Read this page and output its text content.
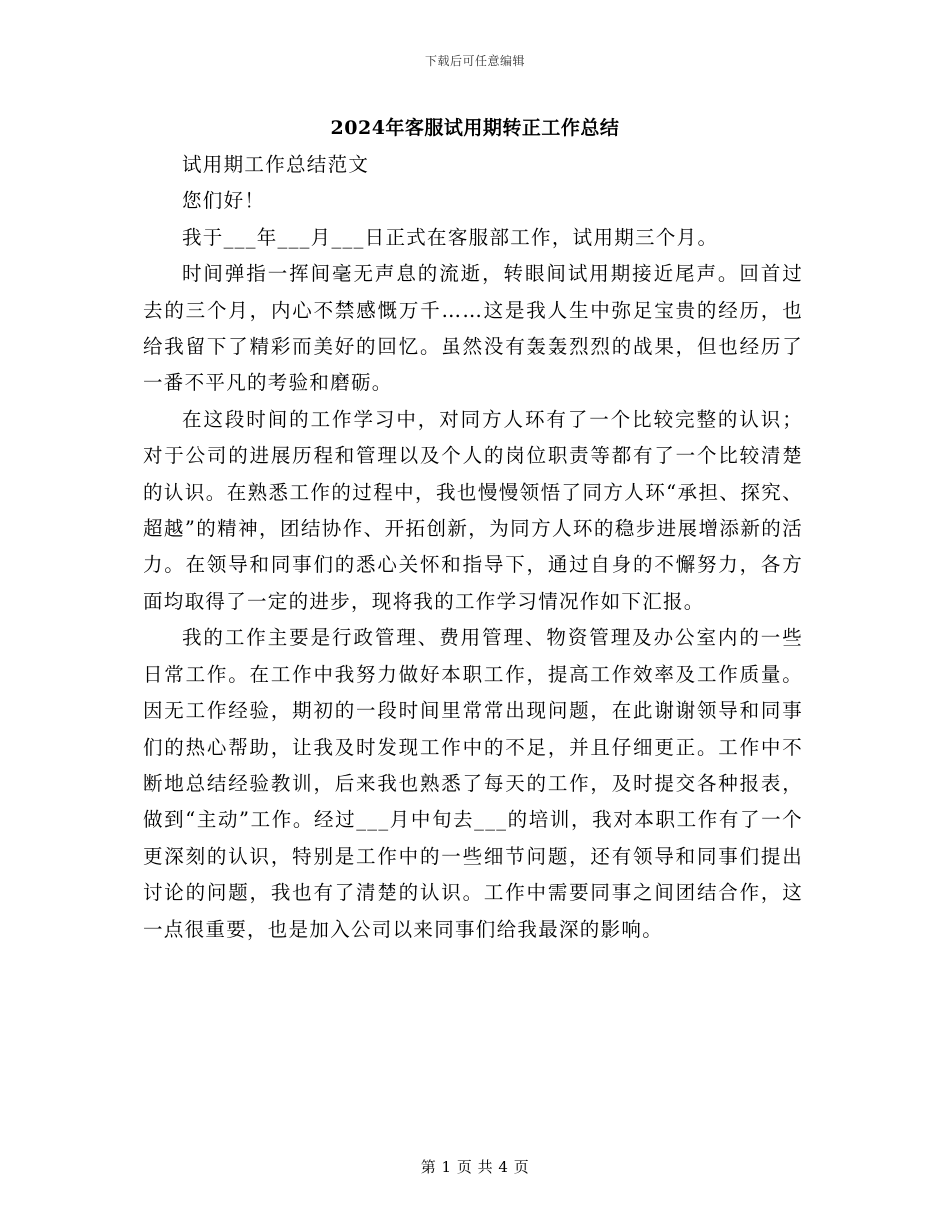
下载后可任意编辑
2024年客服试用期转正工作总结

试用期工作总结范文

您们好！

我于___年___月___日正式在客服部工作，试用期三个月。

时间弹指一挥间毫无声息的流逝，转眼间试用期接近尾声。回首过去的三个月，内心不禁感慨万千……这是我人生中弥足宝贵的经历，也给我留下了精彩而美好的回忆。虽然没有轰轰烈烈的战果，但也经历了一番不平凡的考验和磨砺。

在这段时间的工作学习中，对同方人环有了一个比较完整的认识；对于公司的进展历程和管理以及个人的岗位职责等都有了一个比较清楚的认识。在熟悉工作的过程中，我也慢慢领悟了同方人环“承担、探究、超越”的精神，团结协作、开拓创新，为同方人环的稳步进展增添新的活力。在领导和同事们的悉心关怀和指导下，通过自身的不懈努力，各方面均取得了一定的进步，现将我的工作学习情况作如下汇报。

我的工作主要是行政管理、费用管理、物资管理及办公室内的一些日常工作。在工作中我努力做好本职工作，提高工作效率及工作质量。因无工作经验，期初的一段时间里常常出现问题，在此谢谢领导和同事们的热心帮助，让我及时发现工作中的不足，并且仔细更正。工作中不断地总结经验教训，后来我也熟悉了每天的工作，及时提交各种报表，做到“主动”工作。经过___月中旬去___的培训，我对本职工作有了一个更深刻的认识，特别是工作中的一些细节问题，还有领导和同事们提出讨论的问题，我也有了清楚的认识。工作中需要同事之间团结合作，这一点很重要，也是加入公司以来同事们给我最深的影响。

第 1 页 共 4 页
